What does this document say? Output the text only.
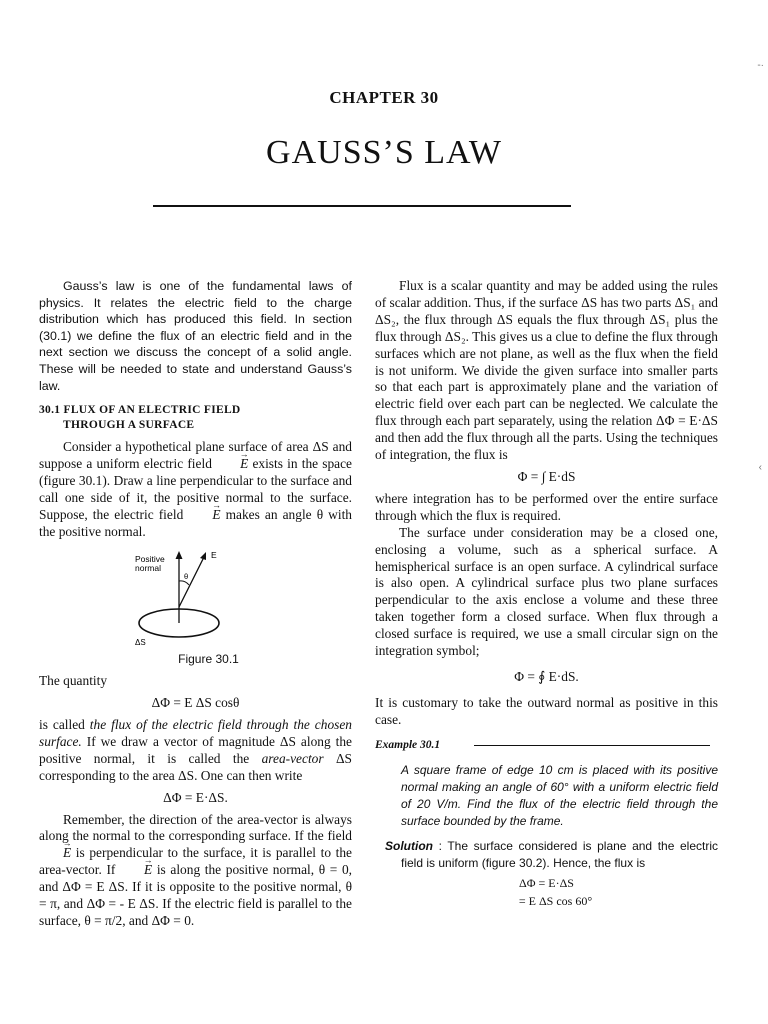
CHAPTER 30
GAUSS’S LAW

Gauss’s law is one of the fundamental laws of physics. It relates the electric field to the charge distribution which has produced this field. In section (30.1) we define the flux of an electric field and in the next section we discuss the concept of a solid angle. These will be needed to state and understand Gauss’s law.

30.1 FLUX OF AN ELECTRIC FIELD
THROUGH A SURFACE

Consider a hypothetical plane surface of area ΔS and suppose a uniform electric field → E exists in the space (figure 30.1). Draw a line perpendicular to the surface and call one side of it, the positive normal to the surface. Suppose, the electric field → E makes an angle θ with the positive normal.

Positive
normal
E
θ
ΔS
Figure 30.1

The quantity

ΔΦ = E ΔS cosθ

is called the flux of the electric field through the chosen surface. If we draw a vector of magnitude ΔS along the positive normal, it is called the area-vector ΔS corresponding to the area ΔS. One can then write

ΔΦ = E·ΔS.

Remember, the direction of the area-vector is always along the normal to the corresponding surface. If the field → E is perpendicular to the surface, it is parallel to the area-vector. If → E is along the positive normal, θ = 0, and ΔΦ = E ΔS. If it is opposite to the positive normal, θ = π, and ΔΦ = - E ΔS. If the electric field is parallel to the surface, θ = π/2, and ΔΦ = 0.

Flux is a scalar quantity and may be added using the rules of scalar addition. Thus, if the surface ΔS has two parts ΔS₁ and ΔS₂, the flux through ΔS equals the flux through ΔS₁ plus the flux through ΔS₂. This gives us a clue to define the flux through surfaces which are not plane, as well as the flux when the field is not uniform. We divide the given surface into smaller parts so that each part is approximately plane and the variation of electric field over each part can be neglected. We calculate the flux through each part separately, using the relation ΔΦ = E·ΔS and then add the flux through all the parts. Using the techniques of integration, the flux is

Φ = ∫ E·dS

where integration has to be performed over the entire surface through which the flux is required.

The surface under consideration may be a closed one, enclosing a volume, such as a spherical surface. A hemispherical surface is an open surface. A cylindrical surface is also open. A cylindrical surface plus two plane surfaces perpendicular to the axis enclose a volume and these three taken together form a closed surface. When flux through a closed surface is required, we use a small circular sign on the integration symbol;

Φ = ∮ E·dS.

It is customary to take the outward normal as positive in this case.

Example 30.1

A square frame of edge 10 cm is placed with its positive normal making an angle of 60° with a uniform electric field of 20 V/m. Find the flux of the electric field through the surface bounded by the frame.

Solution : The surface considered is plane and the electric field is uniform (figure 30.2). Hence, the flux is

ΔΦ = E·ΔS
= E ΔS cos 60°
-·
‹
